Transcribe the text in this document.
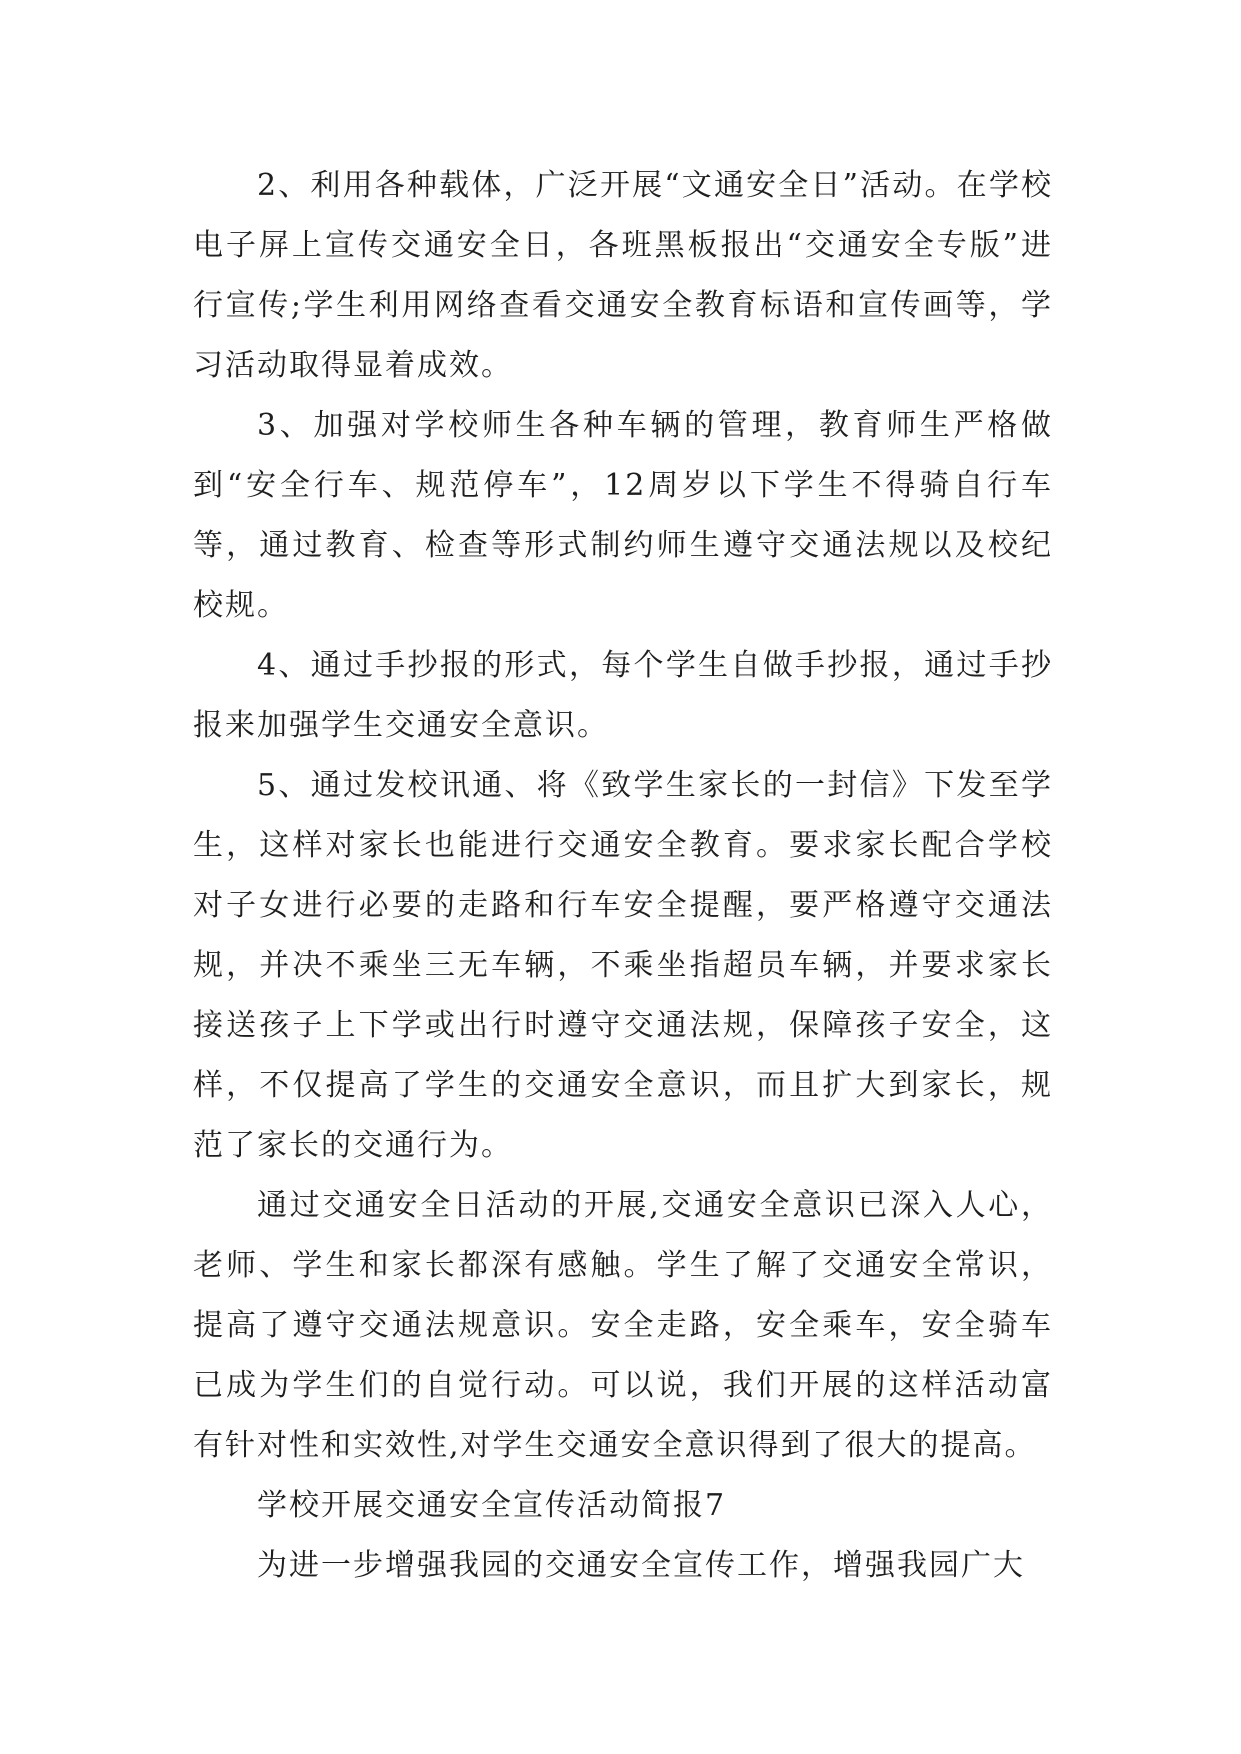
2、利用各种载体，广泛开展“文通安全日”活动。在学校电子屏上宣传交通安全日，各班黑板报出“交通安全专版”进行宣传;学生利用网络查看交通安全教育标语和宣传画等，学习活动取得显着成效。

3、加强对学校师生各种车辆的管理，教育师生严格做到“安全行车、规范停车”，12周岁以下学生不得骑自行车等，通过教育、检查等形式制约师生遵守交通法规以及校纪校规。

4、通过手抄报的形式，每个学生自做手抄报，通过手抄报来加强学生交通安全意识。

5、通过发校讯通、将《致学生家长的一封信》下发至学生，这样对家长也能进行交通安全教育。要求家长配合学校对子女进行必要的走路和行车安全提醒，要严格遵守交通法规，并决不乘坐三无车辆，不乘坐指超员车辆，并要求家长接送孩子上下学或出行时遵守交通法规，保障孩子安全，这样，不仅提高了学生的交通安全意识，而且扩大到家长，规范了家长的交通行为。

通过交通安全日活动的开展,交通安全意识已深入人心，老师、学生和家长都深有感触。学生了解了交通安全常识，提高了遵守交通法规意识。安全走路，安全乘车，安全骑车已成为学生们的自觉行动。可以说，我们开展的这样活动富有针对性和实效性,对学生交通安全意识得到了很大的提高。

学校开展交通安全宣传活动简报7

为进一步增强我园的交通安全宣传工作，增强我园广大
